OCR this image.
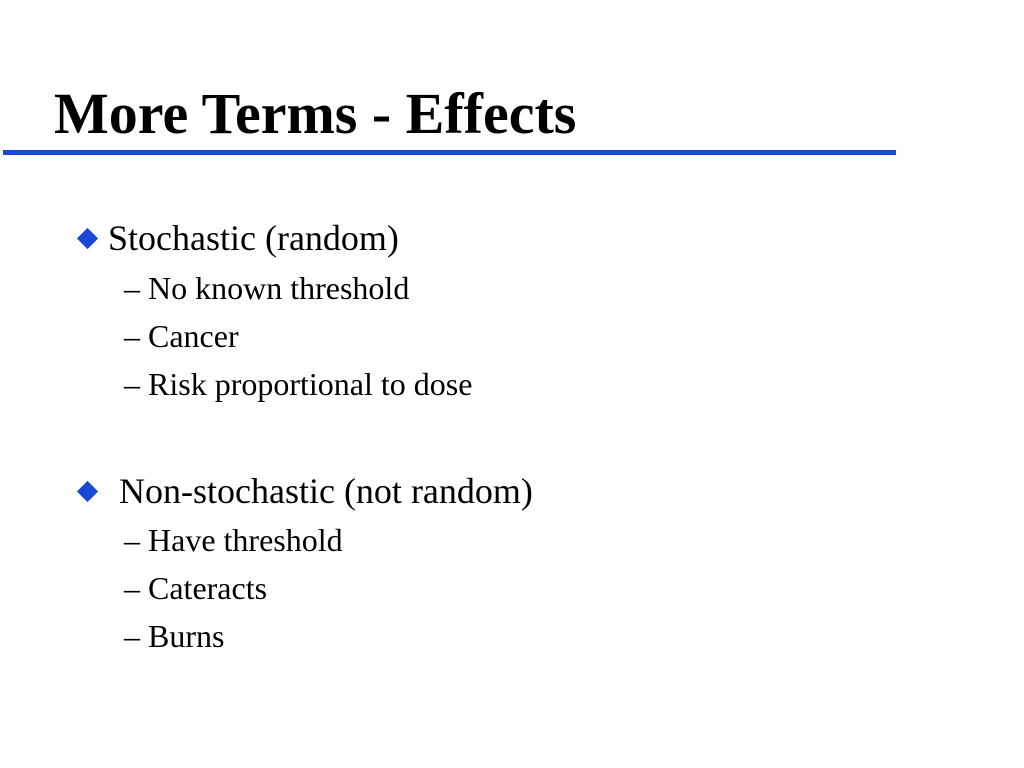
More Terms - Effects
Stochastic (random)
– No known threshold
– Cancer
– Risk proportional to dose
Non-stochastic (not random)
– Have threshold
– Cateracts
– Burns
